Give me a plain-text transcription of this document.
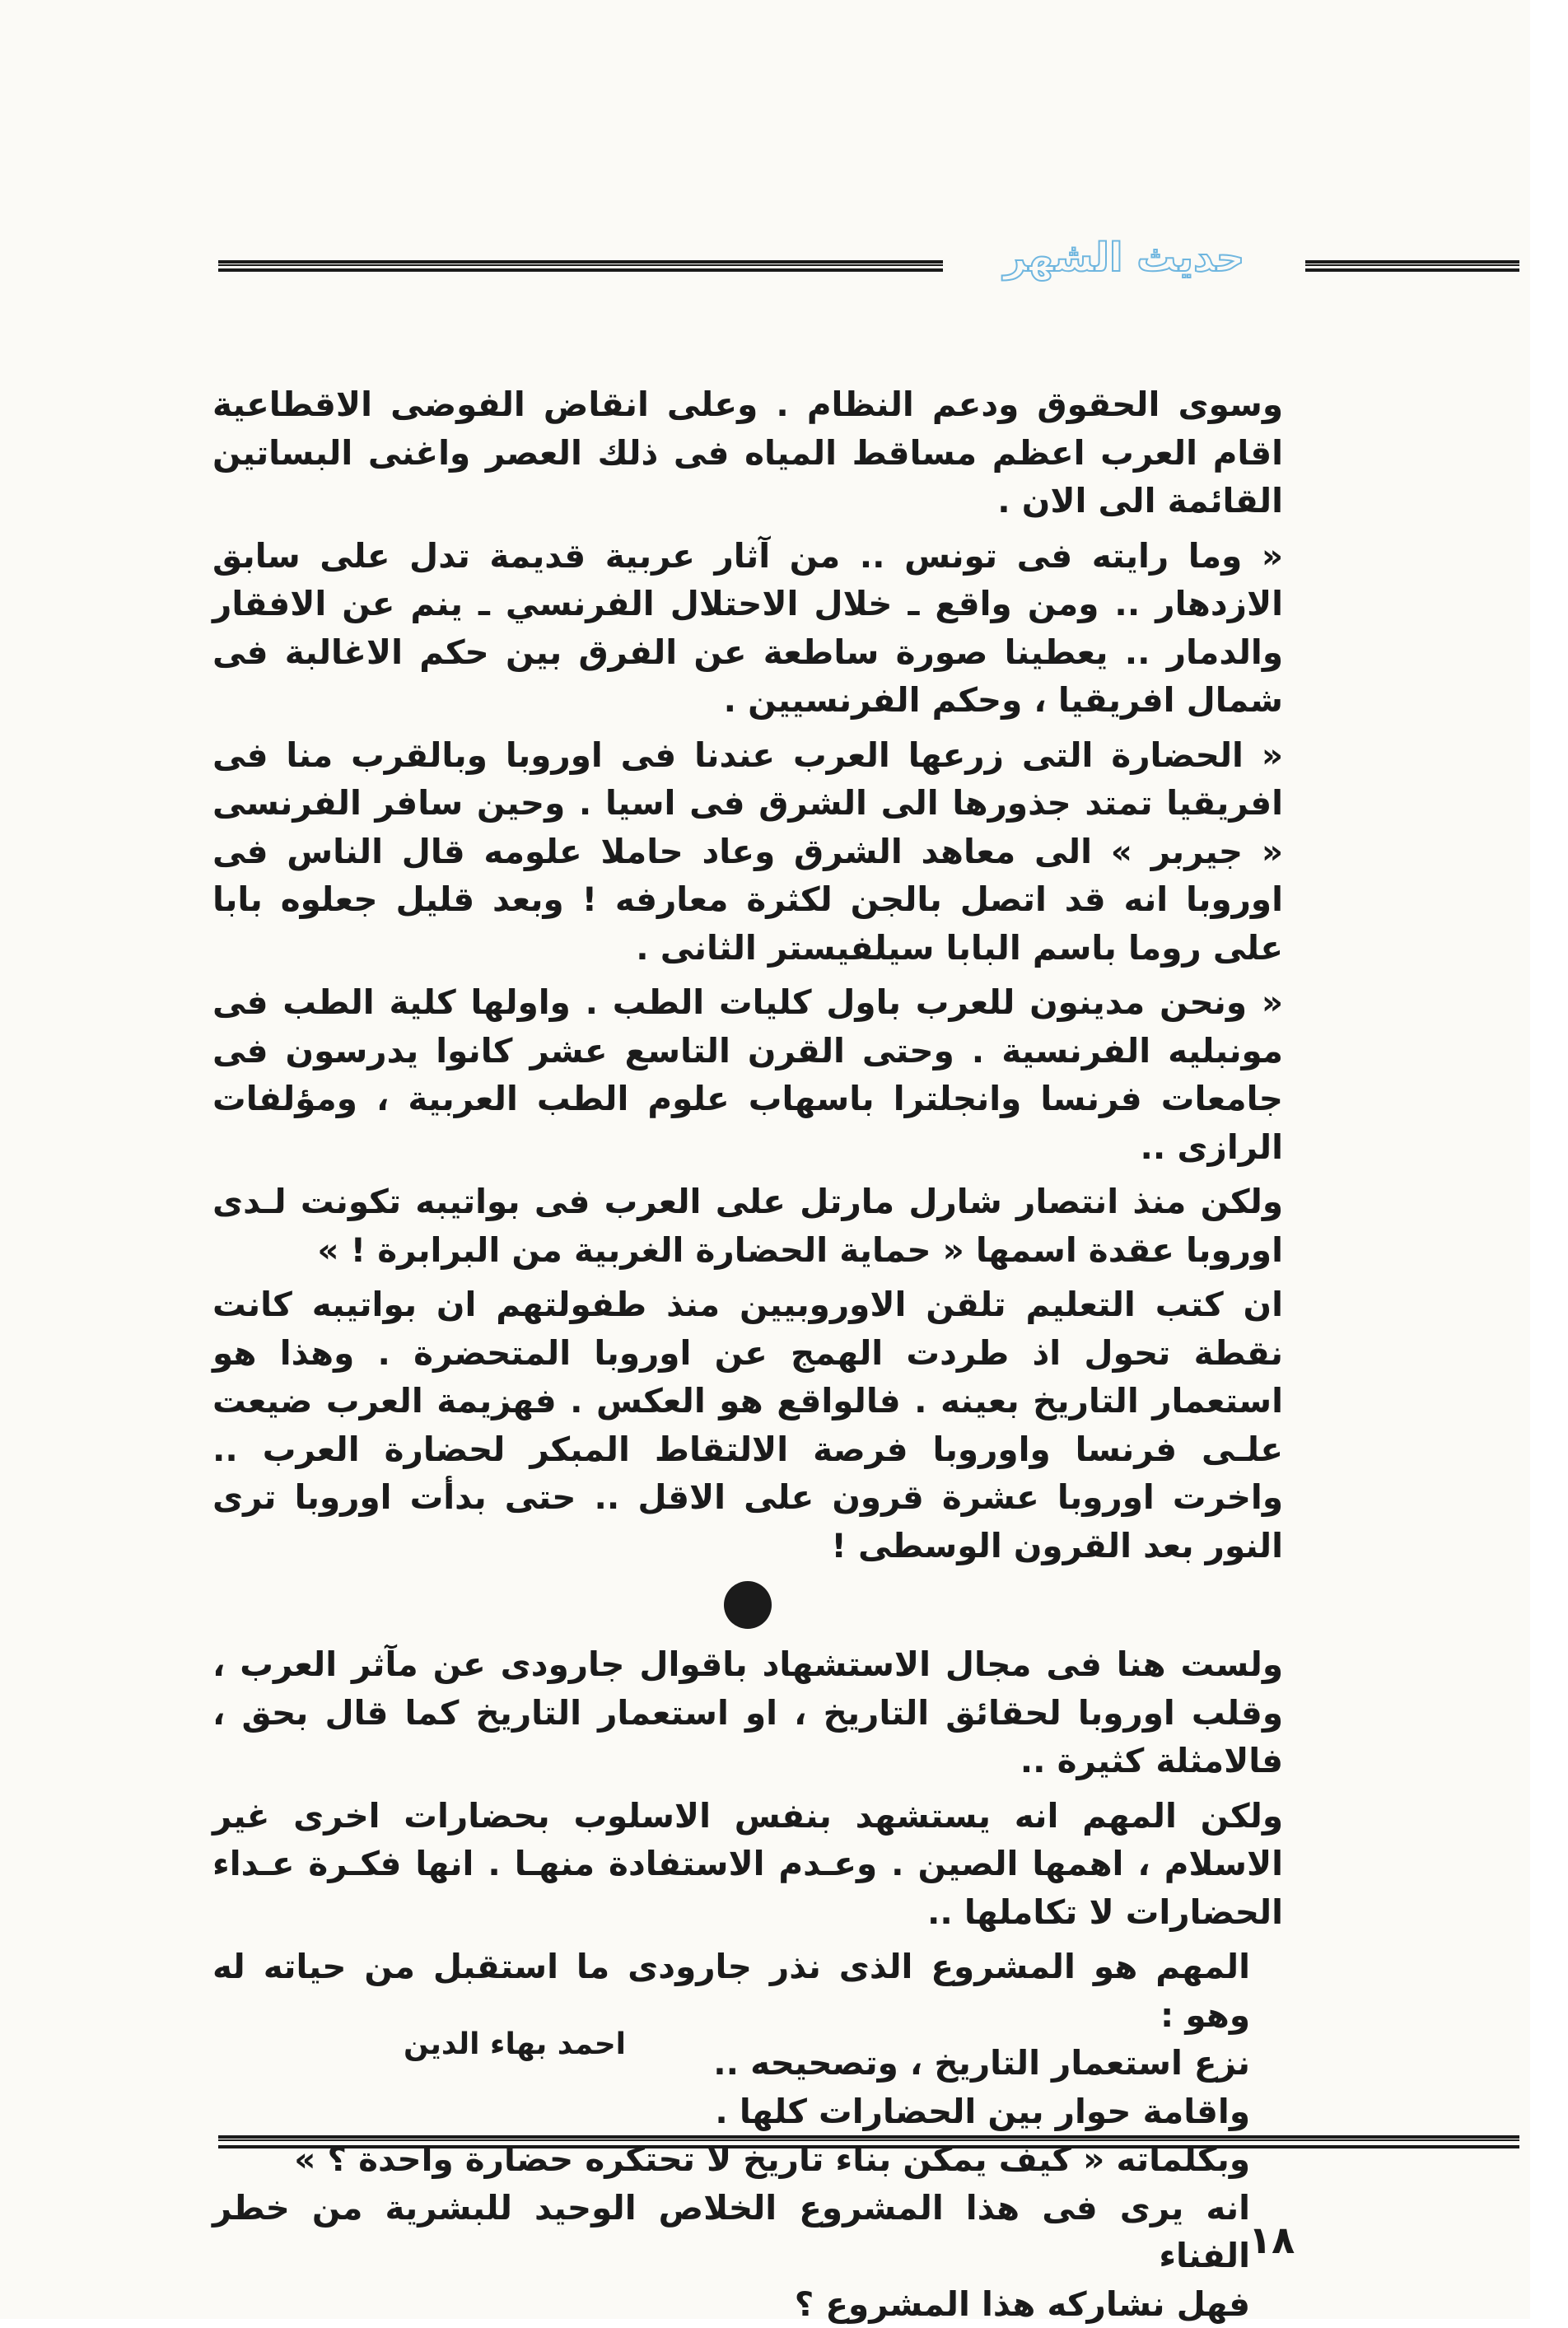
حديث الشهر

وسوى الحقوق ودعم النظام . وعلى انقاض الفوضى الاقطاعية اقام العرب اعظم مساقط المياه فى ذلك العصر واغنى البساتين القائمة الى الان .

« وما رايته فى تونس .. من آثار عربية قديمة تدل على سابق الازدهار .. ومن واقع ـ خلال الاحتلال الفرنسي ـ ينم عن الافقار والدمار .. يعطينا صورة ساطعة عن الفرق بين حكم الاغالبة فى شمال افريقيا ، وحكم الفرنسيين .

« الحضارة التى زرعها العرب عندنا فى اوروبا وبالقرب منا فى افريقيا تمتد جذورها الى الشرق فى اسيا . وحين سافر الفرنسى « جيربر » الى معاهد الشرق وعاد حاملا علومه قال الناس فى اوروبا انه قد اتصل بالجن لكثرة معارفه ! وبعد قليل جعلوه بابا على روما باسم البابا سيلفيستر الثانى .

« ونحن مدينون للعرب باول كليات الطب . واولها كلية الطب فى مونبليه الفرنسية . وحتى القرن التاسع عشر كانوا يدرسون فى جامعات فرنسا وانجلترا باسهاب علوم الطب العربية ، ومؤلفات الرازى ..

ولكن منذ انتصار شارل مارتل على العرب فى بواتيبه تكونت لـدى اوروبا عقدة اسمها « حماية الحضارة الغربية من البرابرة ! »

ان كتب التعليم تلقن الاوروبيين منذ طفولتهم ان بواتيبه كانت نقطة تحول اذ طردت الهمج عن اوروبا المتحضرة . وهذا هو استعمار التاريخ بعينه . فالواقع هو العكس . فهزيمة العرب ضيعت علـى فرنسا واوروبا فرصة الالتقاط المبكر لحضارة العرب .. واخرت اوروبا عشرة قرون على الاقل .. حتى بدأت اوروبا ترى النور بعد القرون الوسطى !

ولست هنا فى مجال الاستشهاد باقوال جارودى عن مآثر العرب ، وقلب اوروبا لحقائق التاريخ ، او استعمار التاريخ كما قال بحق ، فالامثلة كثيرة ..

ولكن المهم انه يستشهد بنفس الاسلوب بحضارات اخرى غير الاسلام ، اهمها الصين . وعـدم الاستفادة منهـا . انها فكـرة عـداء الحضارات لا تكاملها ..

المهم هو المشروع الذى نذر جارودى ما استقبل من حياته له وهو :

نزع استعمار التاريخ ، وتصحيحه ..

واقامة حوار بين الحضارات كلها .

وبكلماته « كيف يمكن بناء تاريخ لا تحتكره حضارة واحدة ؟ »

انه يرى فى هذا المشروع الخلاص الوحيد للبشرية من خطر الفناء

فهل نشاركه هذا المشروع ؟

احمد بهاء الدين
١٨
